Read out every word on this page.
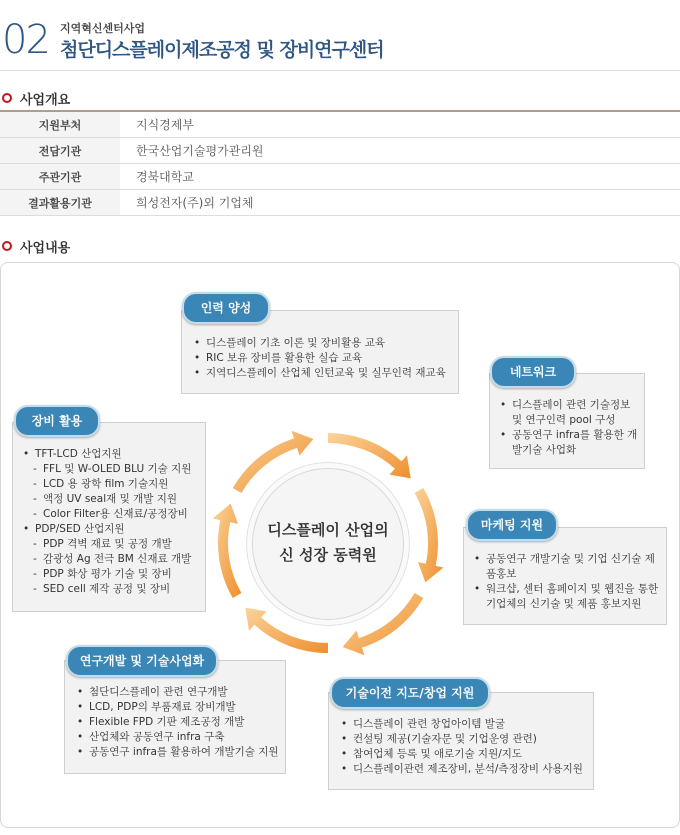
02 지역혁신센터사업
첨단디스플레이제조공정 및 장비연구센터
사업개요
지원부처	지식경제부
전담기관	한국산업기술평가관리원
주관기관	경북대학교
결과활용기관	희성전자(주)외 기업체
사업내용
디스플레이 산업의
신 성장 동력원
• 디스플레이 기초 이론 및 장비활용 교육
• RIC 보유 장비를 활용한 실습 교육
• 지역디스플레이 산업체 인턴교육 및 실무인력 재교육
인력 양성
• 디스플레이 관련 기술정보 및 연구인력 pool 구성
• 공동연구 infra를 활용한 개발기술 사업화
네트워크
• TFT-LCD 산업지원
- FFL 및 W-OLED BLU 기술 지원
- LCD 용 광학 film 기술지원
- 액정 UV seal재 및 개발 지원
- Color Filter용 신재료/공정장비
• PDP/SED 산업지원
- PDP 격벽 재료 및 공정 개발
- 감광성 Ag 전극 BM 신재료 개발
- PDP 화상 평가 기술 및 장비
- SED cell 제작 공정 및 장비
장비 활용
• 공동연구 개발기술 및 기업 신기술 제품홍보
• 워크샵, 센터 홈페이지 및 웹진을 통한 기업체의 신기술 및 제품 홍보지원
마케팅 지원
• 첨단디스플레이 관련 연구개발
• LCD, PDP의 부품재료 장비개발
• Flexible FPD 기판 제조공정 개발
• 산업체와 공동연구 infra 구축
• 공동연구 infra를 활용하여 개발기술 지원
연구개발 및 기술사업화
• 디스플레이 관련 창업아이템 발굴
• 컨설팅 제공(기술자문 및 기업운영 관련)
• 참여업체 등록 및 애로기술 지원/지도
• 디스플레이관련 제조장비, 분석/측정장비 사용지원
기술이전 지도/창업 지원
